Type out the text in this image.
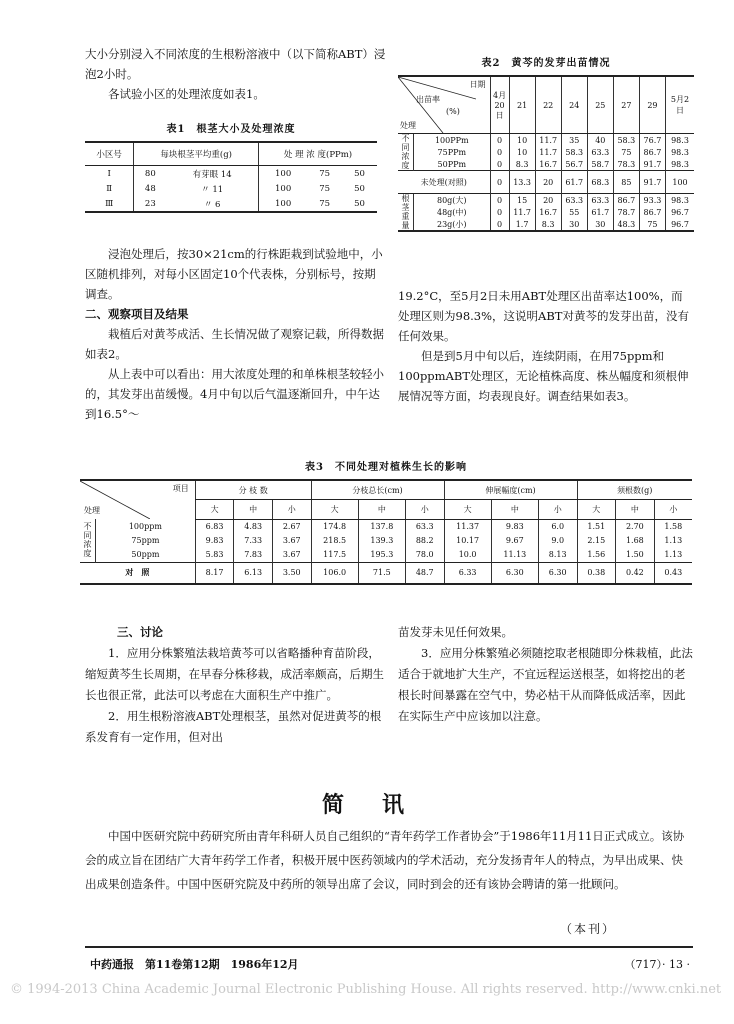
大小分别浸入不同浓度的生根粉溶液中（以下简称ABT）浸泡2小时。

各试验小区的处理浓度如表1。

表1　根茎大小及处理浓度
小区号	每块根茎平均重(g)		处 理 浓 度(PPm)		
Ⅰ	80	有芽眼 14	100	75	50
Ⅱ	48	〃 11	100	75	50
Ⅲ	23	〃 6	100	75	50

浸泡处理后，按30×21cm的行株距栽到试验地中，小区随机排列，对每小区固定10个代表株，分别标号，按期调查。

二、观察项目及结果

栽植后对黄芩成活、生长情况做了观察记载，所得数据如表2。

从上表中可以看出：用大浓度处理的和单株根茎较轻小的，其发芽出苗缓慢。4月中旬以后气温逐渐回升，中午达到16.5°～

表2　黄芩的发芽出苗情况
日期
出苗率
(%)
处理		4月20日	21	22	24	25	27	29	5月2日
不同浓度	100PPm	0	10	11.7	35	40	58.3	76.7	98.3
	75PPm	0	10	11.7	58.3	63.3	75	86.7	98.3
	50PPm	0	8.3	16.7	56.7	58.7	78.3	91.7	98.3
未处理(对照)		0	13.3	20	61.7	68.3	85	91.7	100
根茎重量	80g(大)	0	15	20	63.3	63.3	86.7	93.3	98.3
	48g(中)	0	11.7	16.7	55	61.7	78.7	86.7	96.7
	23g(小)	0	1.7	8.3	30	30	48.3	75	96.7

19.2°C，至5月2日未用ABT处理区出苗率达100%，而处理区则为98.3%，这说明ABT对黄芩的发芽出苗，没有任何效果。

但是到5月中旬以后，连续阴雨，在用75ppm和100ppmABT处理区，无论植株高度、株丛幅度和须根伸展情况等方面，均表现良好。调查结果如表3。

表3　不同处理对植株生长的影响
项目
处理		分 枝 数			分枝总长(cm)			伸展幅度(cm)			须根数(g)		
		大	中	小	大	中	小	大	中	小	大	中	小
不同浓度	100ppm	6.83	4.83	2.67	174.8	137.8	63.3	11.37	9.83	6.0	1.51	2.70	1.58
	75ppm	9.83	7.33	3.67	218.5	139.3	88.2	10.17	9.67	9.0	2.15	1.68	1.13
	50ppm	5.83	7.83	3.67	117.5	195.3	78.0	10.0	11.13	8.13	1.56	1.50	1.13
对　照		8.17	6.13	3.50	106.0	71.5	48.7	6.33	6.30	6.30	0.38	0.42	0.43

三、讨论

1．应用分株繁殖法栽培黄芩可以省略播种育苗阶段，缩短黄芩生长周期，在早春分株移栽，成活率颇高，后期生长也很正常，此法可以考虑在大面积生产中推广。

2．用生根粉溶液ABT处理根茎，虽然对促进黄芩的根系发育有一定作用，但对出

苗发芽未见任何效果。

3．应用分株繁殖必须随挖取老根随即分株栽植，此法适合于就地扩大生产，不宜远程运送根茎，如将挖出的老根长时间暴露在空气中，势必枯干从而降低成活率，因此在实际生产中应该加以注意。

简　讯

中国中医研究院中药研究所由青年科研人员自己组织的“青年药学工作者协会”于1986年11月11日正式成立。该协会的成立旨在团结广大青年药学工作者，积极开展中医药领域内的学术活动，充分发扬青年人的特点，为早出成果、快出成果创造条件。中国中医研究院及中药所的领导出席了会议，同时到会的还有该协会聘请的第一批顾问。

（本刊）
中药通报　第11卷第12期　1986年12月	（717）· 13 ·
© 1994-2013 China Academic Journal Electronic Publishing House. All rights reserved. http://www.cnki.net
